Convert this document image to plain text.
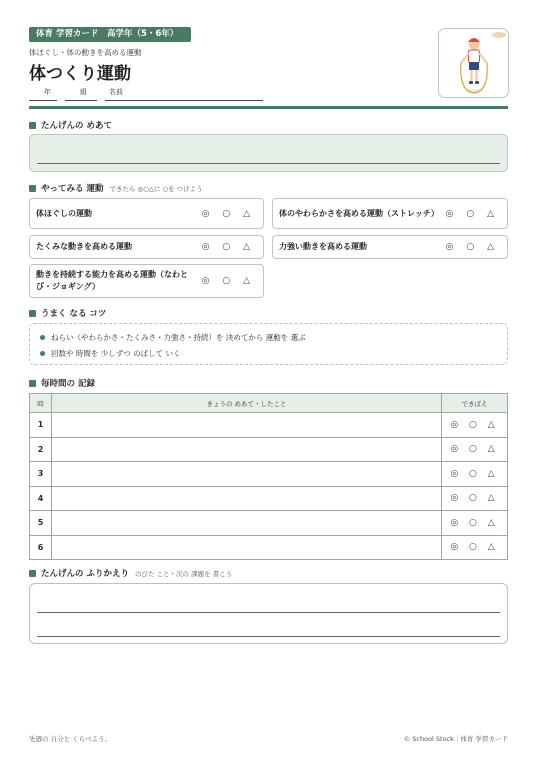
体育 学習カード　高学年（5・6年）
体ほぐし・体の動きを高める運動
体つくり運動
年	組	名前
たんげんの めあて
やってみる 運動 できたら ◎○△に ○を つけよう
体ほぐしの運動	◎ ○ △	体のやわらかさを高める運動（ストレッチ） ◎ ○ △
たくみな動きを高める運動	◎ ○ △	力強い動きを高める運動	◎ ○ △
動きを持続する能力を高める運動（なわとび・ジョギング）
◎ ○ △
うまく なる コツ
ねらい（やわらかさ・たくみさ・力強さ・持続）を 決めてから 運動を 選ぶ
回数や 時間を 少しずつ のばして いく
毎時間の 記録
時	きょうの めあて・したこと	できばえ
1		◎ ○ △
2		◎ ○ △
3		◎ ○ △
4		◎ ○ △
5		◎ ○ △
6		◎ ○ △
たんげんの ふりかえり のびた こと・次の 課題を 書こう
先週の 自分と くらべよう。	© School Stock｜体育 学習カード
